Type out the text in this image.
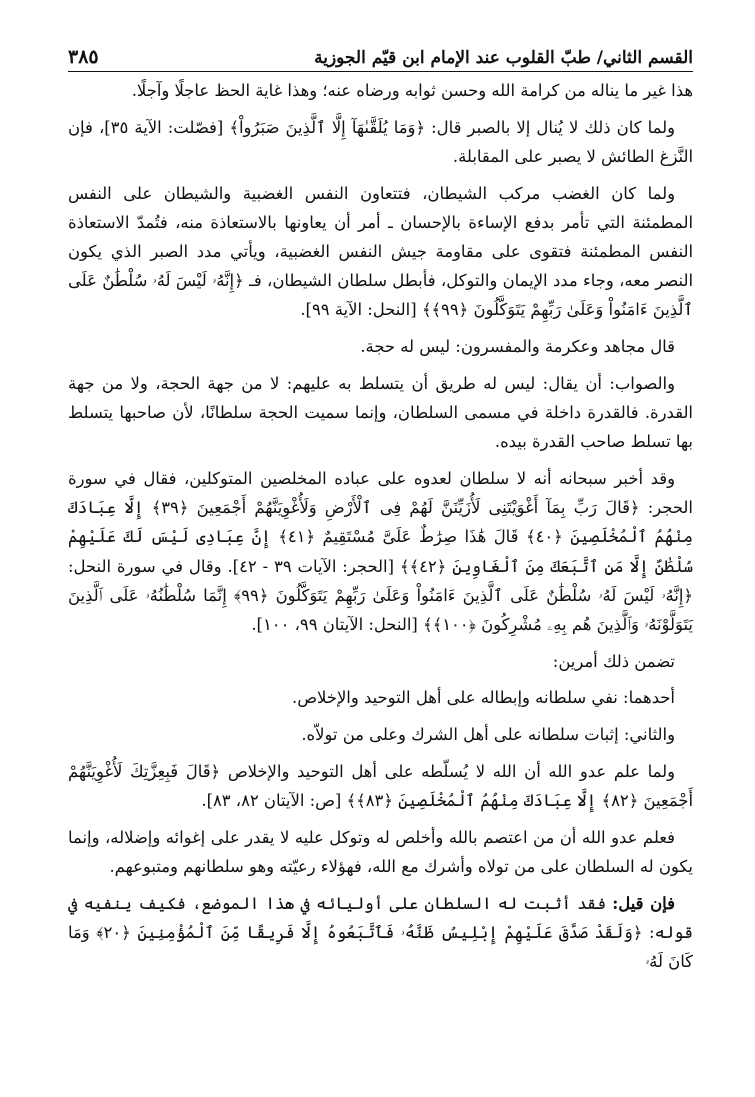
القسم الثاني/ طبّ القلوب عند الإمام ابن قيّم الجوزية
٣٨٥

هذا غير ما يناله من كرامة الله وحسن ثوابه ورضاه عنه؛ وهذا غاية الحظ عاجلًا وآجلًا.

ولما كان ذلك لا يُنال إلا بالصبر قال: ﴿وَمَا يُلَقَّىٰهَآ إِلَّا ٱلَّذِينَ صَبَرُواْ﴾ [فصّلت: الآية ٣٥]، فإن النَّزغ الطائش لا يصبر على المقابلة.

ولما كان الغضب مركب الشيطان، فتتعاون النفس الغضبية والشيطان على النفس المطمئنة التي تأمر بدفع الإساءة بالإحسان ـ أمر أن يعاونها بالاستعاذة منه، فتُمدّ الاستعاذة النفس المطمئنة فتقوى على مقاومة جيش النفس الغضبية، ويأتي مدد الصبر الذي يكون النصر معه، وجاء مدد الإيمان والتوكل، فأبطل سلطان الشيطان، فـ ﴿إِنَّهُۥ لَيْسَ لَهُۥ سُلْطَٰنٌ عَلَى ٱلَّذِينَ ءَامَنُواْ وَعَلَىٰ رَبِّهِمْ يَتَوَكَّلُونَ ﴿٩٩﴾﴾ [النحل: الآية ٩٩].

قال مجاهد وعكرمة والمفسرون: ليس له حجة.

والصواب: أن يقال: ليس له طريق أن يتسلط به عليهم: لا من جهة الحجة، ولا من جهة القدرة. فالقدرة داخلة في مسمى السلطان، وإنما سميت الحجة سلطانًا، لأن صاحبها يتسلط بها تسلط صاحب القدرة بيده.

وقد أخبر سبحانه أنه لا سلطان لعدوه على عباده المخلصين المتوكلين، فقال في سورة الحجر: ﴿قَالَ رَبِّ بِمَآ أَغْوَيْتَنِى لَأُزَيِّنَنَّ لَهُمْ فِى ٱلْأَرْضِ وَلَأُغْوِيَنَّهُمْ أَجْمَعِينَ ﴿٣٩﴾ إِلَّا عِبَادَكَ مِنْهُمُ ٱلْمُخْلَصِينَ ﴿٤٠﴾ قَالَ هَٰذَا صِرَٰطٌ عَلَىَّ مُسْتَقِيمٌ ﴿٤١﴾ إِنَّ عِبَادِى لَيْسَ لَكَ عَلَيْهِمْ سُلْطَٰنٌ إِلَّا مَنِ ٱتَّبَعَكَ مِنَ ٱلْغَاوِينَ ﴿٤٢﴾﴾ [الحجر: الآيات ٣٩ - ٤٢]. وقال في سورة النحل: ﴿إِنَّهُۥ لَيْسَ لَهُۥ سُلْطَٰنٌ عَلَى ٱلَّذِينَ ءَامَنُواْ وَعَلَىٰ رَبِّهِمْ يَتَوَكَّلُونَ ﴿٩٩﴾ إِنَّمَا سُلْطَٰنُهُۥ عَلَى ٱلَّذِينَ يَتَوَلَّوْنَهُۥ وَٱلَّذِينَ هُم بِهِۦ مُشْرِكُونَ ﴿١٠٠﴾﴾ [النحل: الآيتان ٩٩، ١٠٠].

تضمن ذلك أمرين:

أحدهما: نفي سلطانه وإبطاله على أهل التوحيد والإخلاص.

والثاني: إثبات سلطانه على أهل الشرك وعلى من تولاّه.

ولما علم عدو الله أن الله لا يُسلّطه على أهل التوحيد والإخلاص ﴿قَالَ فَبِعِزَّتِكَ لَأُغْوِيَنَّهُمْ أَجْمَعِينَ ﴿٨٢﴾ إِلَّا عِبَادَكَ مِنْهُمُ ٱلْمُخْلَصِينَ ﴿٨٣﴾﴾ [ص: الآيتان ٨٢، ٨٣].

فعلم عدو الله أن من اعتصم بالله وأخلص له وتوكل عليه لا يقدر على إغوائه وإضلاله، وإنما يكون له السلطان على من تولاه وأشرك مع الله، فهؤلاء رعيّته وهو سلطانهم ومتبوعهم.

فإن قيل: فقد أثبت له السلطان على أوليائه في هذا الموضع، فكيف ينفيه في قوله: ﴿وَلَقَدْ صَدَّقَ عَلَيْهِمْ إِبْلِيسُ ظَنَّهُۥ فَٱتَّبَعُوهُ إِلَّا فَرِيقًا مِّنَ ٱلْمُؤْمِنِينَ ﴿٢٠﴾ وَمَا كَانَ لَهُۥ
